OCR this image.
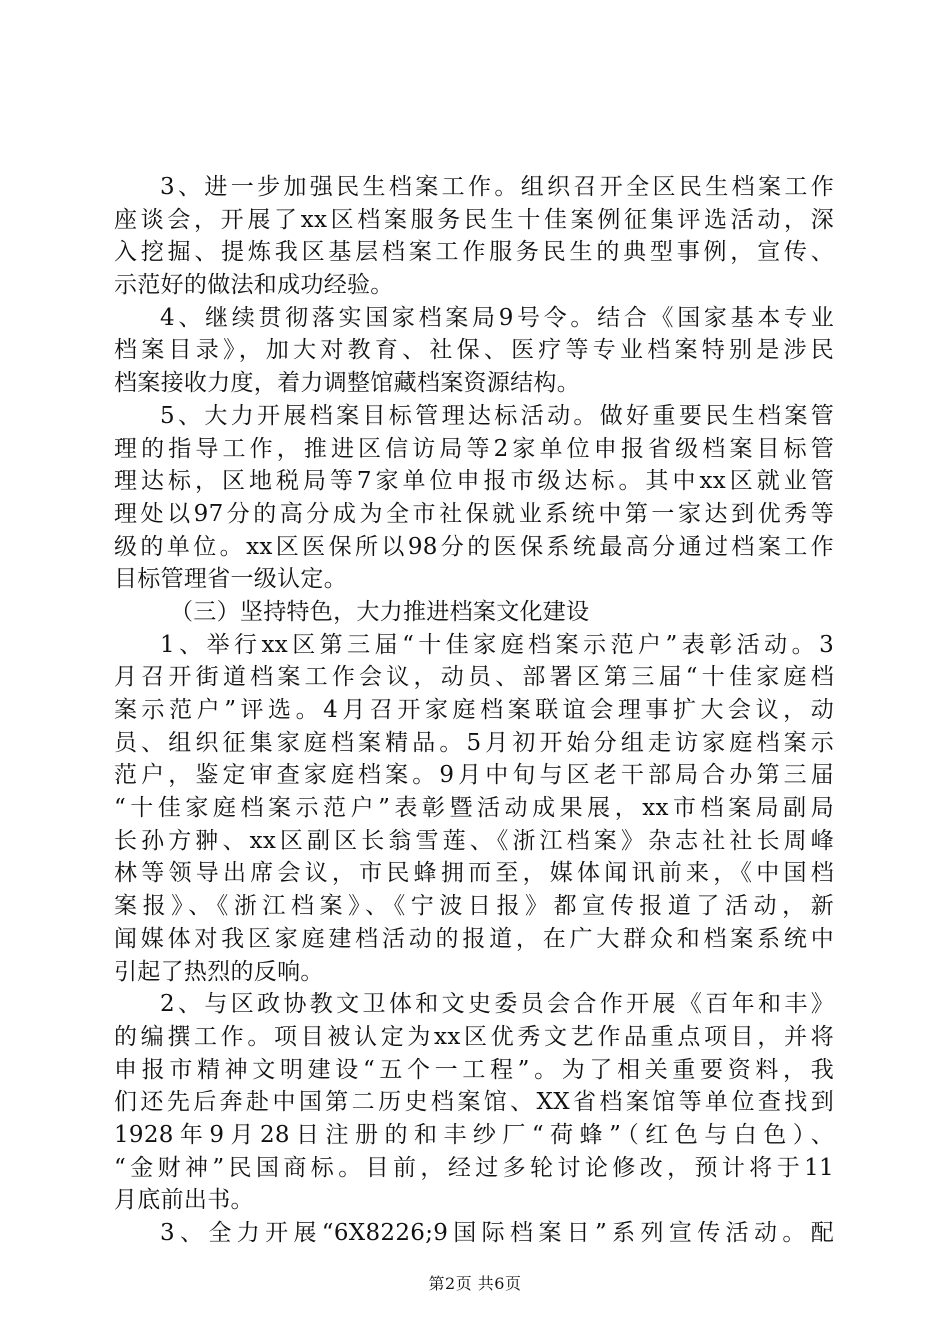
3、进一步加强民生档案工作。组织召开全区民生档案工作
座谈会，开展了xx区档案服务民生十佳案例征集评选活动，深
入挖掘、提炼我区基层档案工作服务民生的典型事例，宣传、
示范好的做法和成功经验。
4、继续贯彻落实国家档案局9号令。结合《国家基本专业
档案目录》，加大对教育、社保、医疗等专业档案特别是涉民
档案接收力度，着力调整馆藏档案资源结构。
5、大力开展档案目标管理达标活动。做好重要民生档案管
理的指导工作，推进区信访局等2家单位申报省级档案目标管
理达标，区地税局等7家单位申报市级达标。其中xx区就业管
理处以97分的高分成为全市社保就业系统中第一家达到优秀等
级的单位。xx区医保所以98分的医保系统最高分通过档案工作
目标管理省一级认定。
（三）坚持特色，大力推进档案文化建设
1、举行xx区第三届“十佳家庭档案示范户”表彰活动。3
月召开街道档案工作会议，动员、部署区第三届“十佳家庭档
案示范户”评选。4月召开家庭档案联谊会理事扩大会议，动
员、组织征集家庭档案精品。5月初开始分组走访家庭档案示
范户，鉴定审查家庭档案。9月中旬与区老干部局合办第三届
“十佳家庭档案示范户”表彰暨活动成果展，xx市档案局副局
长孙方翀、xx区副区长翁雪莲、《浙江档案》杂志社社长周峰
林等领导出席会议，市民蜂拥而至，媒体闻讯前来，《中国档
案报》、《浙江档案》、《宁波日报》都宣传报道了活动，新
闻媒体对我区家庭建档活动的报道，在广大群众和档案系统中
引起了热烈的反响。
2、与区政协教文卫体和文史委员会合作开展《百年和丰》
的编撰工作。项目被认定为xx区优秀文艺作品重点项目，并将
申报市精神文明建设“五个一工程”。为了相关重要资料，我
们还先后奔赴中国第二历史档案馆、XX省档案馆等单位查找到
1928年9月28日注册的和丰纱厂“荷蜂”（红色与白色）、
“金财神”民国商标。目前，经过多轮讨论修改，预计将于11
月底前出书。
3、全力开展“6X8226;9国际档案日”系列宣传活动。配
第2页 共6页
